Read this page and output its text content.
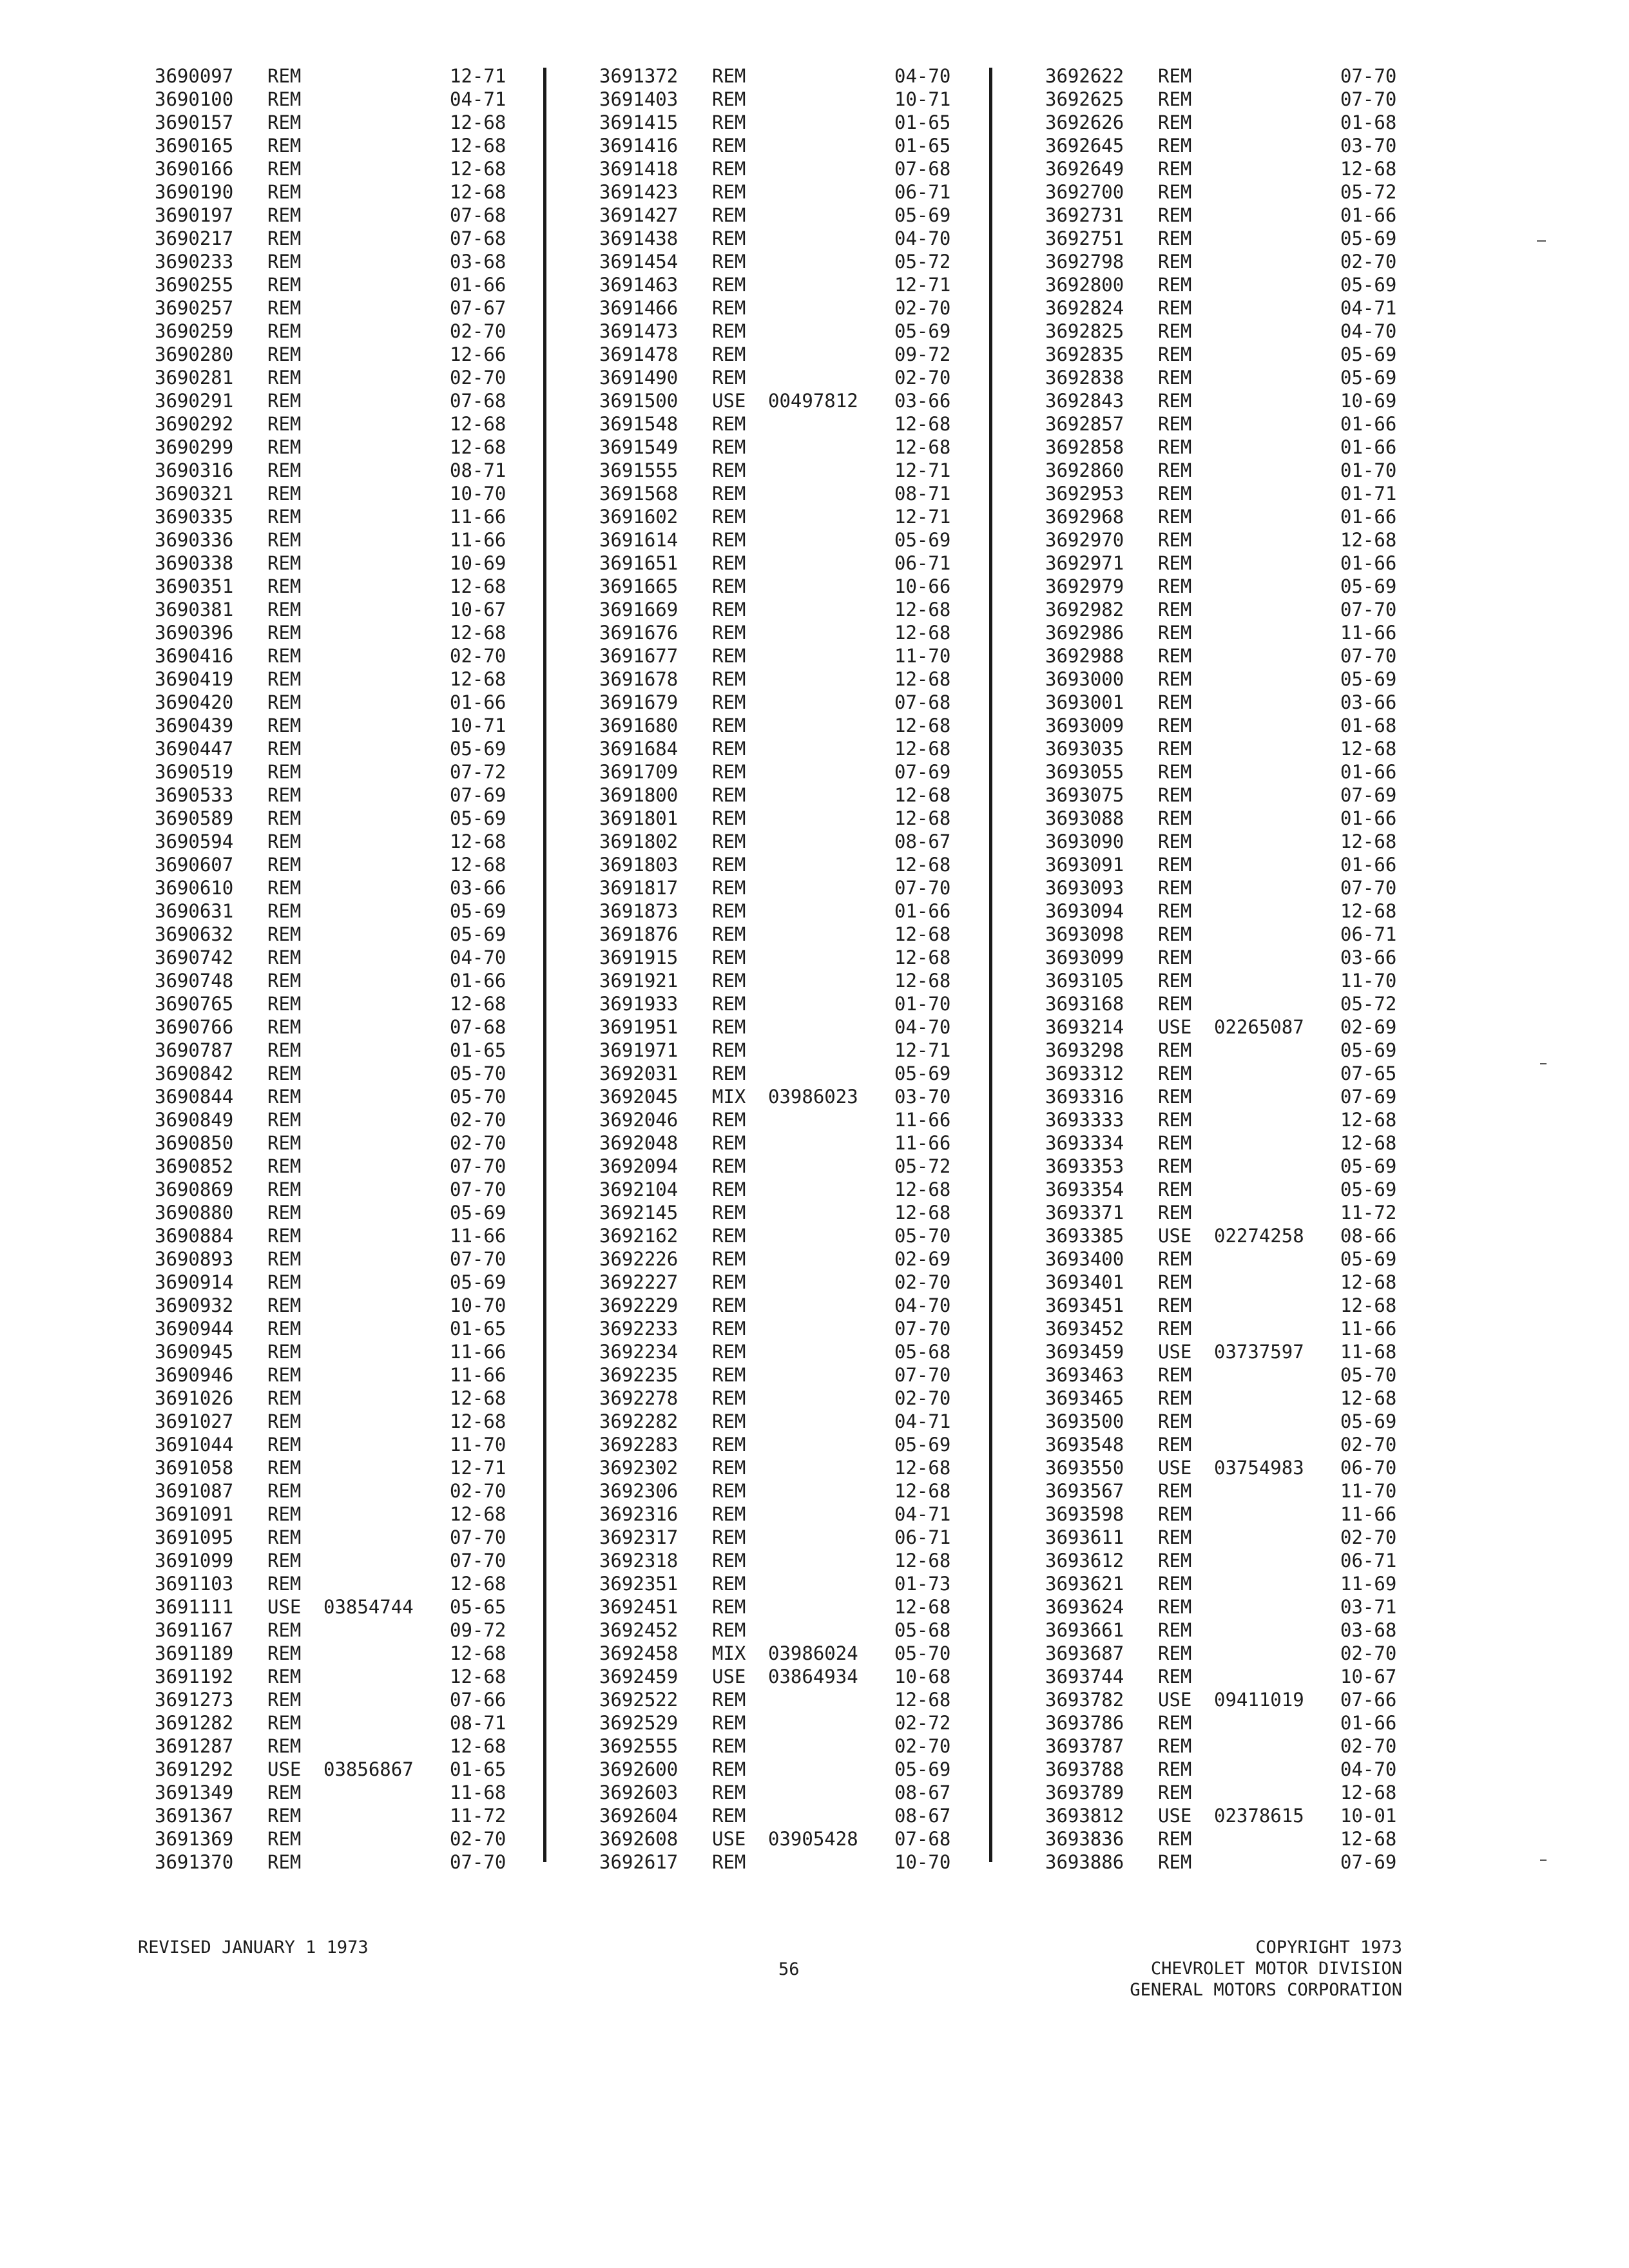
3690097 REM	12-71
3690100 REM	04-71
3690157 REM	12-68
3690165 REM	12-68
3690166 REM	12-68
3690190 REM	12-68
3690197 REM	07-68
3690217 REM	07-68
3690233 REM	03-68
3690255 REM	01-66
3690257 REM	07-67
3690259 REM	02-70
3690280 REM	12-66
3690281 REM	02-70
3690291 REM	07-68
3690292 REM	12-68
3690299 REM	12-68
3690316 REM	08-71
3690321 REM	10-70
3690335 REM	11-66
3690336 REM	11-66
3690338 REM	10-69
3690351 REM	12-68
3690381 REM	10-67
3690396 REM	12-68
3690416 REM	02-70
3690419 REM	12-68
3690420 REM	01-66
3690439 REM	10-71
3690447 REM	05-69
3690519 REM	07-72
3690533 REM	07-69
3690589 REM	05-69
3690594 REM	12-68
3690607 REM	12-68
3690610 REM	03-66
3690631 REM	05-69
3690632 REM	05-69
3690742 REM	04-70
3690748 REM	01-66
3690765 REM	12-68
3690766 REM	07-68
3690787 REM	01-65
3690842 REM	05-70
3690844 REM	05-70
3690849 REM	02-70
3690850 REM	02-70
3690852 REM	07-70
3690869 REM	07-70
3690880 REM	05-69
3690884 REM	11-66
3690893 REM	07-70
3690914 REM	05-69
3690932 REM	10-70
3690944 REM	01-65
3690945 REM	11-66
3690946 REM	11-66
3691026 REM	12-68
3691027 REM	12-68
3691044 REM	11-70
3691058 REM	12-71
3691087 REM	02-70
3691091 REM	12-68
3691095 REM	07-70
3691099 REM	07-70
3691103 REM	12-68
3691111 USE 03854744 05-65
3691167 REM	09-72
3691189 REM	12-68
3691192 REM	12-68
3691273 REM	07-66
3691282 REM	08-71
3691287 REM	12-68
3691292 USE 03856867 01-65
3691349 REM	11-68
3691367 REM	11-72
3691369 REM	02-70
3691370 REM	07-70
3691372 REM	04-70
3691403 REM	10-71
3691415 REM	01-65
3691416 REM	01-65
3691418 REM	07-68
3691423 REM	06-71
3691427 REM	05-69
3691438 REM	04-70
3691454 REM	05-72
3691463 REM	12-71
3691466 REM	02-70
3691473 REM	05-69
3691478 REM	09-72
3691490 REM	02-70
3691500 USE 00497812 03-66
3691548 REM	12-68
3691549 REM	12-68
3691555 REM	12-71
3691568 REM	08-71
3691602 REM	12-71
3691614 REM	05-69
3691651 REM	06-71
3691665 REM	10-66
3691669 REM	12-68
3691676 REM	12-68
3691677 REM	11-70
3691678 REM	12-68
3691679 REM	07-68
3691680 REM	12-68
3691684 REM	12-68
3691709 REM	07-69
3691800 REM	12-68
3691801 REM	12-68
3691802 REM	08-67
3691803 REM	12-68
3691817 REM	07-70
3691873 REM	01-66
3691876 REM	12-68
3691915 REM	12-68
3691921 REM	12-68
3691933 REM	01-70
3691951 REM	04-70
3691971 REM	12-71
3692031 REM	05-69
3692045 MIX 03986023 03-70
3692046 REM	11-66
3692048 REM	11-66
3692094 REM	05-72
3692104 REM	12-68
3692145 REM	12-68
3692162 REM	05-70
3692226 REM	02-69
3692227 REM	02-70
3692229 REM	04-70
3692233 REM	07-70
3692234 REM	05-68
3692235 REM	07-70
3692278 REM	02-70
3692282 REM	04-71
3692283 REM	05-69
3692302 REM	12-68
3692306 REM	12-68
3692316 REM	04-71
3692317 REM	06-71
3692318 REM	12-68
3692351 REM	01-73
3692451 REM	12-68
3692452 REM	05-68
3692458 MIX 03986024 05-70
3692459 USE 03864934 10-68
3692522 REM	12-68
3692529 REM	02-72
3692555 REM	02-70
3692600 REM	05-69
3692603 REM	08-67
3692604 REM	08-67
3692608 USE 03905428 07-68
3692617 REM	10-70
3692622 REM	07-70
3692625 REM	07-70
3692626 REM	01-68
3692645 REM	03-70
3692649 REM	12-68
3692700 REM	05-72
3692731 REM	01-66
3692751 REM	05-69
3692798 REM	02-70
3692800 REM	05-69
3692824 REM	04-71
3692825 REM	04-70
3692835 REM	05-69
3692838 REM	05-69
3692843 REM	10-69
3692857 REM	01-66
3692858 REM	01-66
3692860 REM	01-70
3692953 REM	01-71
3692968 REM	01-66
3692970 REM	12-68
3692971 REM	01-66
3692979 REM	05-69
3692982 REM	07-70
3692986 REM	11-66
3692988 REM	07-70
3693000 REM	05-69
3693001 REM	03-66
3693009 REM	01-68
3693035 REM	12-68
3693055 REM	01-66
3693075 REM	07-69
3693088 REM	01-66
3693090 REM	12-68
3693091 REM	01-66
3693093 REM	07-70
3693094 REM	12-68
3693098 REM	06-71
3693099 REM	03-66
3693105 REM	11-70
3693168 REM	05-72
3693214 USE 02265087 02-69
3693298 REM	05-69
3693312 REM	07-65
3693316 REM	07-69
3693333 REM	12-68
3693334 REM	12-68
3693353 REM	05-69
3693354 REM	05-69
3693371 REM	11-72
3693385 USE 02274258 08-66
3693400 REM	05-69
3693401 REM	12-68
3693451 REM	12-68
3693452 REM	11-66
3693459 USE 03737597 11-68
3693463 REM	05-70
3693465 REM	12-68
3693500 REM	05-69
3693548 REM	02-70
3693550 USE 03754983 06-70
3693567 REM	11-70
3693598 REM	11-66
3693611 REM	02-70
3693612 REM	06-71
3693621 REM	11-69
3693624 REM	03-71
3693661 REM	03-68
3693687 REM	02-70
3693744 REM	10-67
3693782 USE 09411019 07-66
3693786 REM	01-66
3693787 REM	02-70
3693788 REM	04-70
3693789 REM	12-68
3693812 USE 02378615 10-01
3693836 REM	12-68
3693886 REM	07-69
REVISED JANUARY 1 1973
56
COPYRIGHT 1973
CHEVROLET MOTOR DIVISION
GENERAL MOTORS CORPORATION
